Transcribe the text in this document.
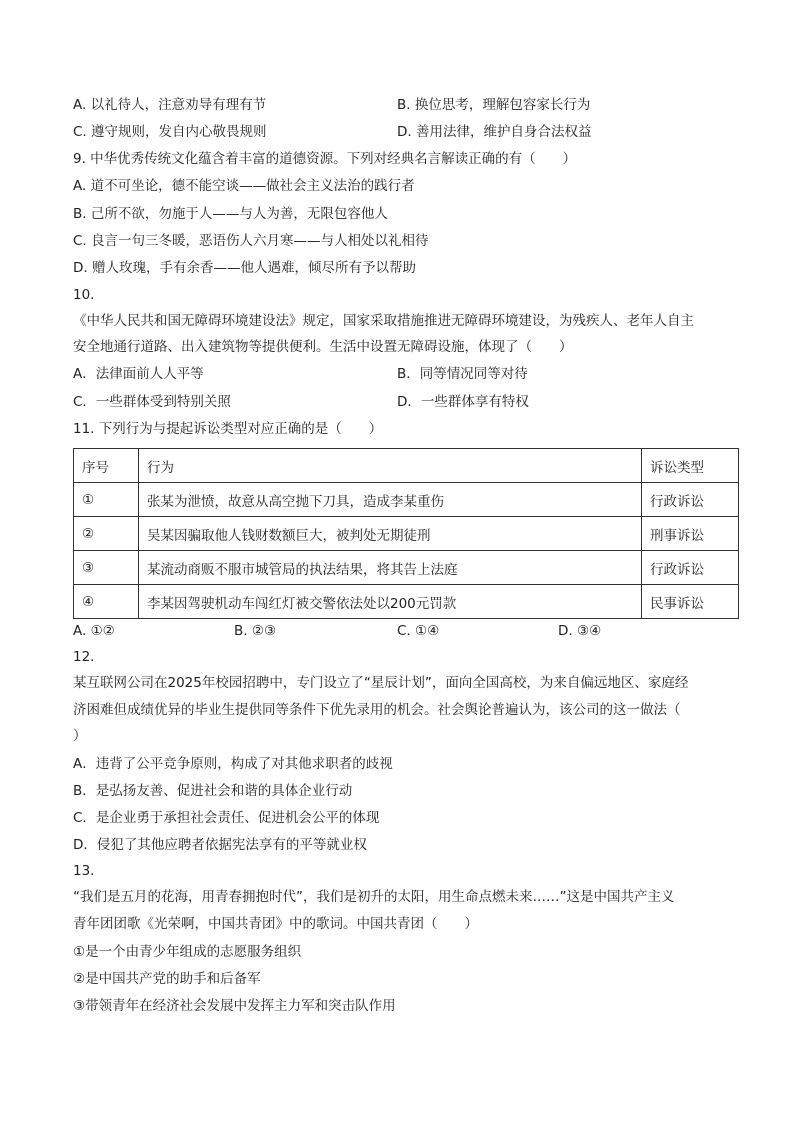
A. 以礼待人，注意劝导有理有节	B. 换位思考，理解包容家长行为
C. 遵守规则，发自内心敬畏规则	D. 善用法律，维护自身合法权益
9. 中华优秀传统文化蕴含着丰富的道德资源。下列对经典名言解读正确的有（　　）
A. 道不可坐论，德不能空谈——做社会主义法治的践行者
B. 己所不欲，勿施于人——与人为善，无限包容他人
C. 良言一句三冬暖，恶语伤人六月寒——与人相处以礼相待
D. 赠人玫瑰，手有余香——他人遇难，倾尽所有予以帮助
10.
《中华人民共和国无障碍环境建设法》规定，国家采取措施推进无障碍环境建设，为残疾人、老年人自主
安全地通行道路、出入建筑物等提供便利。生活中设置无障碍设施，体现了（　　）
A．法律面前人人平等	B．同等情况同等对待
C．一些群体受到特别关照	D．一些群体享有特权
11. 下列行为与提起诉讼类型对应正确的是（　　）
序号	行为	诉讼类型
①	张某为泄愤，故意从高空抛下刀具，造成李某重伤	行政诉讼
②	吴某因骗取他人钱财数额巨大，被判处无期徒刑	刑事诉讼
③	某流动商贩不服市城管局的执法结果，将其告上法庭	行政诉讼
④	李某因驾驶机动车闯红灯被交警依法处以200元罚款	民事诉讼
A. ①②	B. ②③	C. ①④	D. ③④
12.
某互联网公司在2025年校园招聘中，专门设立了“星辰计划”，面向全国高校，为来自偏远地区、家庭经
济困难但成绩优异的毕业生提供同等条件下优先录用的机会。社会舆论普遍认为，该公司的这一做法（
）
A．违背了公平竞争原则，构成了对其他求职者的歧视
B．是弘扬友善、促进社会和谐的具体企业行动
C．是企业勇于承担社会责任、促进机会公平的体现
D．侵犯了其他应聘者依据宪法享有的平等就业权
13.
“我们是五月的花海，用青春拥抱时代”，我们是初升的太阳，用生命点燃未来……”这是中国共产主义
青年团团歌《光荣啊，中国共青团》中的歌词。中国共青团（　　）
①是一个由青少年组成的志愿服务组织
②是中国共产党的助手和后备军
③带领青年在经济社会发展中发挥主力军和突击队作用
